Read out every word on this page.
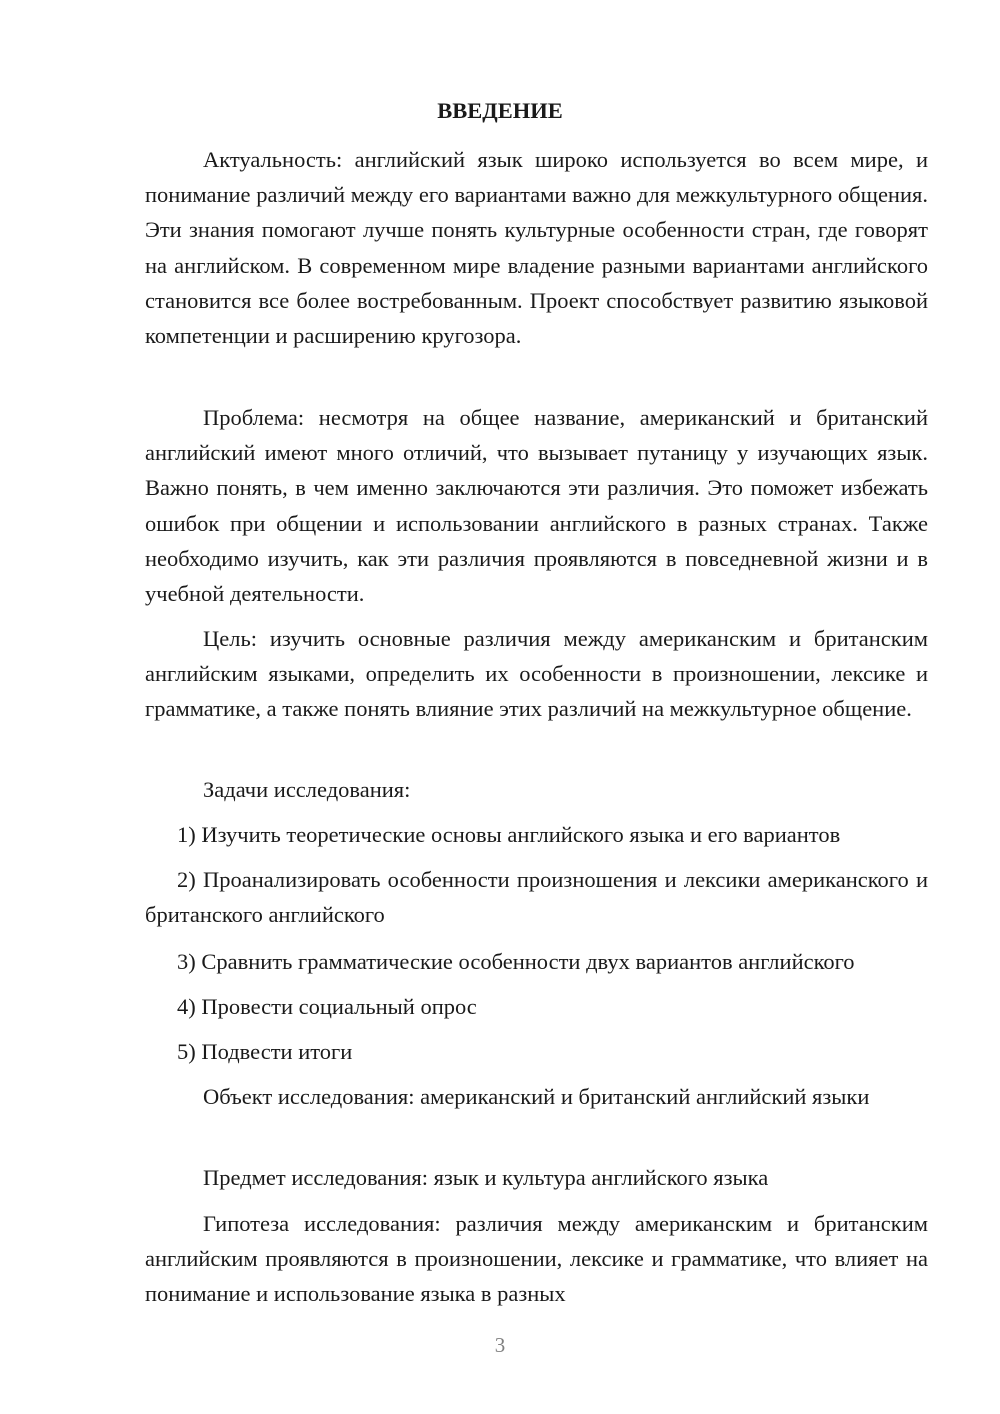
ВВЕДЕНИЕ

Актуальность: английский язык широко используется во всем мире, и понимание различий между его вариантами важно для межкультурного общения. Эти знания помогают лучше понять культурные особенности стран, где говорят на английском. В современном мире владение разными вариантами английского становится все более востребованным. Проект способствует развитию языковой компетенции и расширению кругозора.

Проблема: несмотря на общее название, американский и британский английский имеют много отличий, что вызывает путаницу у изучающих язык. Важно понять, в чем именно заключаются эти различия. Это поможет избежать ошибок при общении и использовании английского в разных странах. Также необходимо изучить, как эти различия проявляются в повседневной жизни и в учебной деятельности.

Цель: изучить основные различия между американским и британским английским языками, определить их особенности в произношении, лексике и грамматике, а также понять влияние этих различий на межкультурное общение.

Задачи исследования:

1) Изучить теоретические основы английского языка и его вариантов

2) Проанализировать особенности произношения и лексики американского и британского английского

3) Сравнить грамматические особенности двух вариантов английского

4) Провести социальный опрос

5) Подвести итоги

Объект исследования: американский и британский английский языки

Предмет исследования: язык и культура английского языка

Гипотеза исследования: различия между американским и британским английским проявляются в произношении, лексике и грамматике, что влияет на понимание и использование языка в разных

3
